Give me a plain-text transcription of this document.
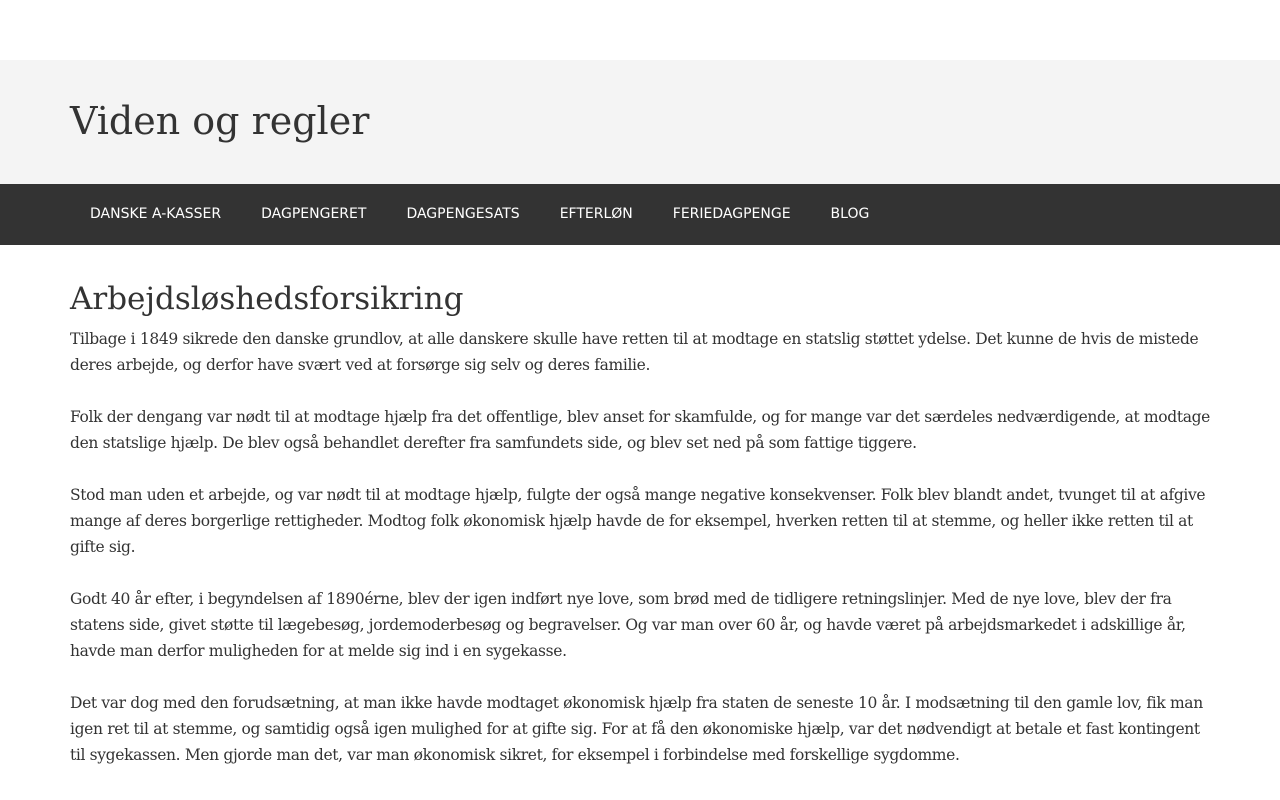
Viden og regler
DANSKE A-KASSER	DAGPENGERET	DAGPENGESATS	EFTERLØN	FERIEDAGPENGE	BLOG
Arbejdsløshedsforsikring

Tilbage i 1849 sikrede den danske grundlov, at alle danskere skulle have retten til at modtage en statslig støttet ydelse. Det kunne de hvis de mistede deres arbejde, og derfor have svært ved at forsørge sig selv og deres familie.

Folk der dengang var nødt til at modtage hjælp fra det offentlige, blev anset for skamfulde, og for mange var det særdeles nedværdigende, at modtage den statslige hjælp. De blev også behandlet derefter fra samfundets side, og blev set ned på som fattige tiggere.

Stod man uden et arbejde, og var nødt til at modtage hjælp, fulgte der også mange negative konsekvenser. Folk blev blandt andet, tvunget til at afgive mange af deres borgerlige rettigheder. Modtog folk økonomisk hjælp havde de for eksempel, hverken retten til at stemme, og heller ikke retten til at gifte sig.

Godt 40 år efter, i begyndelsen af 1890érne, blev der igen indført nye love, som brød med de tidligere retningslinjer. Med de nye love, blev der fra statens side, givet støtte til lægebesøg, jordemoderbesøg og begravelser. Og var man over 60 år, og havde været på arbejdsmarkedet i adskillige år, havde man derfor muligheden for at melde sig ind i en sygekasse.

Det var dog med den forudsætning, at man ikke havde modtaget økonomisk hjælp fra staten de seneste 10 år. I modsætning til den gamle lov, fik man igen ret til at stemme, og samtidig også igen mulighed for at gifte sig. For at få den økonomiske hjælp, var det nødvendigt at betale et fast kontingent til sygekassen. Men gjorde man det, var man økonomisk sikret, for eksempel i forbindelse med forskellige sygdomme.
